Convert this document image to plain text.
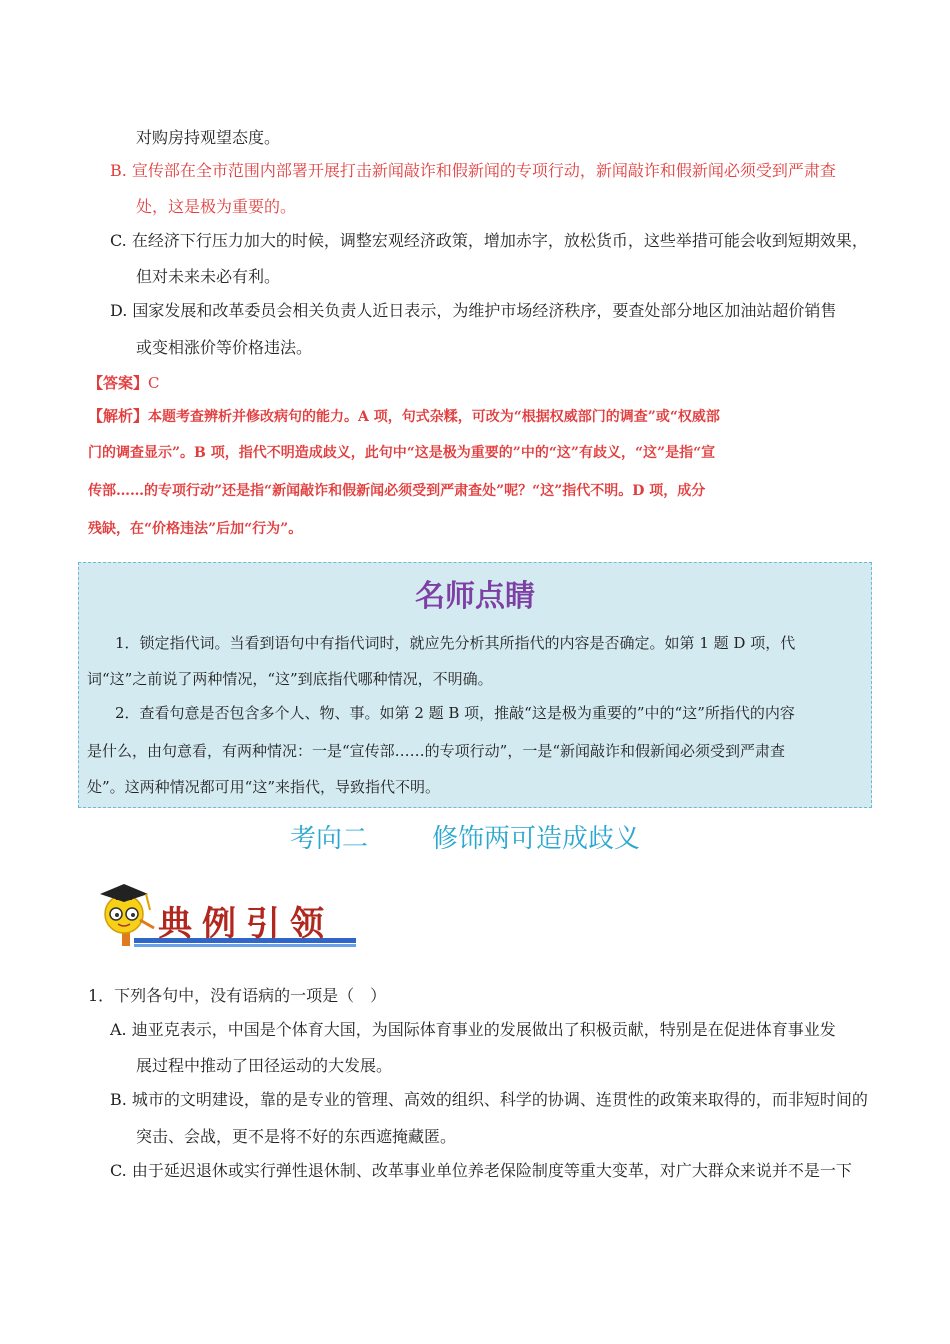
对购房持观望态度。
B. 宣传部在全市范围内部署开展打击新闻敲诈和假新闻的专项行动，新闻敲诈和假新闻必须受到严肃查
处，这是极为重要的。
C. 在经济下行压力加大的时候，调整宏观经济政策，增加赤字，放松货币，这些举措可能会收到短期效果，
但对未来未必有利。
D. 国家发展和改革委员会相关负责人近日表示，为维护市场经济秩序，要查处部分地区加油站超价销售
或变相涨价等价格违法。
【答案】C
【解析】本题考查辨析并修改病句的能力。A 项，句式杂糅，可改为“根据权威部门的调查”或“权威部
门的调查显示”。B 项，指代不明造成歧义，此句中“这是极为重要的”中的“这”有歧义，“这”是指“宣
传部……的专项行动”还是指“新闻敲诈和假新闻必须受到严肃查处”呢？“这”指代不明。D 项，成分
残缺，在“价格违法”后加“行为”。
名师点睛
1．锁定指代词。当看到语句中有指代词时，就应先分析其所指代的内容是否确定。如第 1 题 D 项，代
词“这”之前说了两种情况，“这”到底指代哪种情况，不明确。
2．查看句意是否包含多个人、物、事。如第 2 题 B 项，推敲“这是极为重要的”中的“这”所指代的内容
是什么，由句意看，有两种情况：一是“宣传部……的专项行动”，一是“新闻敲诈和假新闻必须受到严肃查
处”。这两种情况都可用“这”来指代，导致指代不明。
考向二 修饰两可造成歧义
典例引领
1．下列各句中，没有语病的一项是（　）
A. 迪亚克表示，中国是个体育大国，为国际体育事业的发展做出了积极贡献，特别是在促进体育事业发
展过程中推动了田径运动的大发展。
B. 城市的文明建设，靠的是专业的管理、高效的组织、科学的协调、连贯性的政策来取得的，而非短时间的
突击、会战，更不是将不好的东西遮掩藏匿。
C. 由于延迟退休或实行弹性退休制、改革事业单位养老保险制度等重大变革，对广大群众来说并不是一下
